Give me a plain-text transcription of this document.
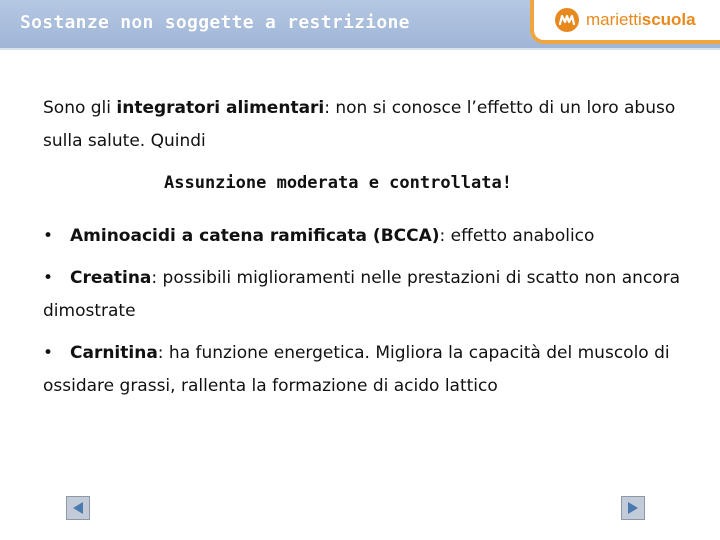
Sostanze non soggette a restrizione	mariettiscuola

Sono gli integratori alimentari: non si conosce l’effetto di un loro abuso sulla salute. Quindi

Assunzione moderata e controllata!

• Aminoacidi a catena ramificata (BCCA): effetto anabolico

• Creatina: possibili miglioramenti nelle prestazioni di scatto non ancora dimostrate

• Carnitina: ha funzione energetica. Migliora la capacità del muscolo di ossidare grassi, rallenta la formazione di acido lattico
